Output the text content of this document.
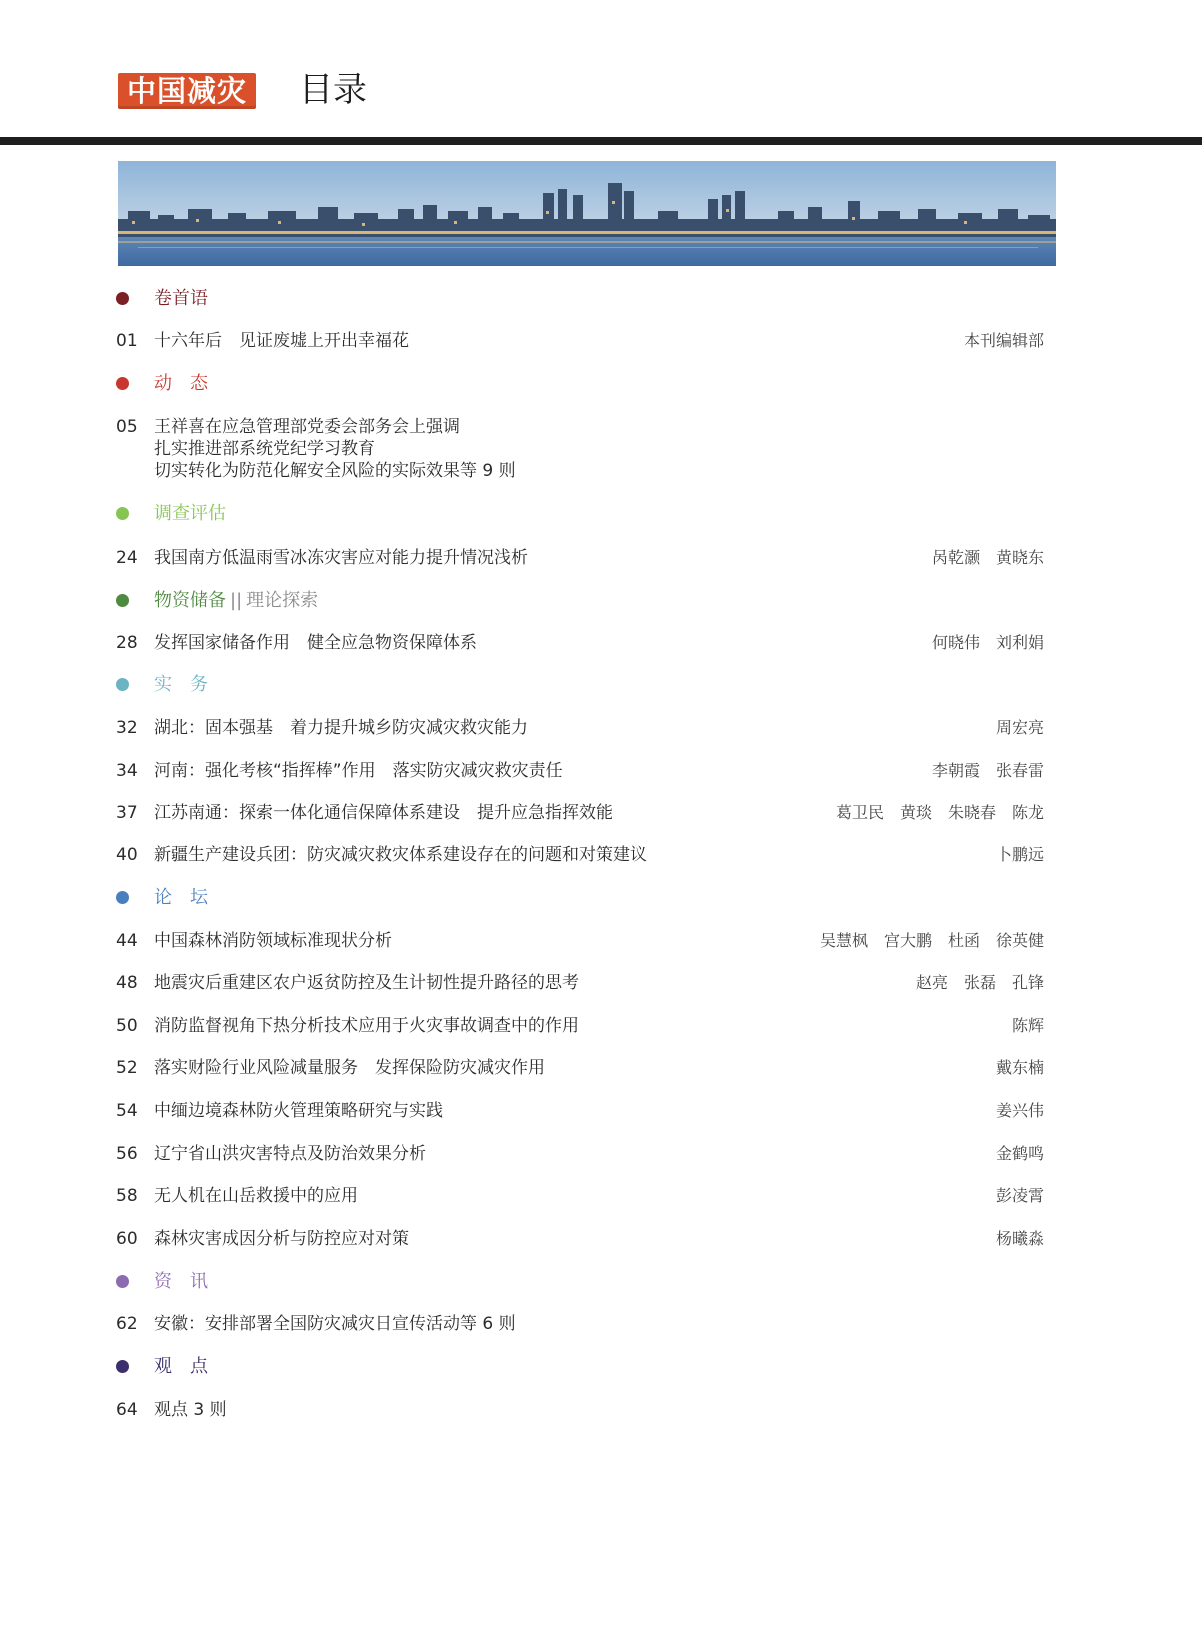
中国减灾 目录
卷首语
01 十六年后　见证废墟上开出幸福花	本刊编辑部
动　态
05 王祥喜在应急管理部党委会部务会上强调
扎实推进部系统党纪学习教育
切实转化为防范化解安全风险的实际效果等 9 则
调查评估
24 我国南方低温雨雪冰冻灾害应对能力提升情况浅析	呙乾灏　黄晓东
物资储备 || 理论探索
28 发挥国家储备作用　健全应急物资保障体系	何晓伟　刘利娟
实　务
32 湖北：固本强基　着力提升城乡防灾减灾救灾能力	周宏亮
34 河南：强化考核“指挥棒”作用　落实防灾减灾救灾责任	李朝霞　张春雷
37 江苏南通：探索一体化通信保障体系建设　提升应急指挥效能	葛卫民　黄琰　朱晓春　陈龙
40 新疆生产建设兵团：防灾减灾救灾体系建设存在的问题和对策建议	卜鹏远
论　坛
44 中国森林消防领域标准现状分析	吴慧枫　宫大鹏　杜函　徐英健
48 地震灾后重建区农户返贫防控及生计韧性提升路径的思考	赵亮　张磊　孔锋
50 消防监督视角下热分析技术应用于火灾事故调查中的作用	陈辉
52 落实财险行业风险减量服务　发挥保险防灾减灾作用	戴东楠
54 中缅边境森林防火管理策略研究与实践	姜兴伟
56 辽宁省山洪灾害特点及防治效果分析	金鹤鸣
58 无人机在山岳救援中的应用	彭凌霄
60 森林灾害成因分析与防控应对对策	杨曦淼
资　讯
62 安徽：安排部署全国防灾减灾日宣传活动等 6 则
观　点
64 观点 3 则
